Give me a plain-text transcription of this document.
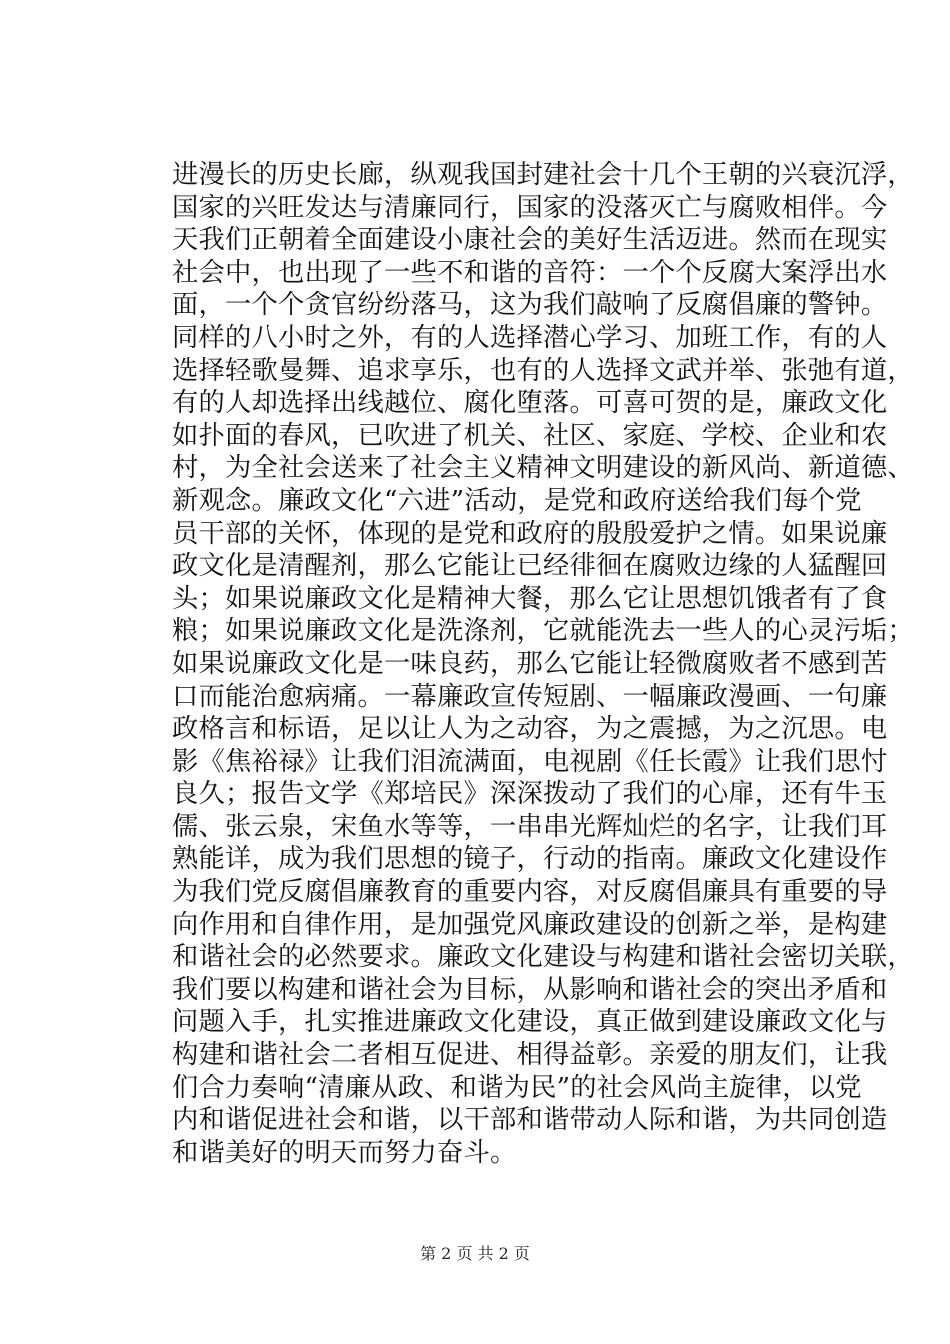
进漫长的历史长廊，纵观我国封建社会十几个王朝的兴衰沉浮，
国家的兴旺发达与清廉同行，国家的没落灭亡与腐败相伴。今
天我们正朝着全面建设小康社会的美好生活迈进。然而在现实
社会中，也出现了一些不和谐的音符：一个个反腐大案浮出水
面，一个个贪官纷纷落马，这为我们敲响了反腐倡廉的警钟。
同样的八小时之外，有的人选择潜心学习、加班工作，有的人
选择轻歌曼舞、追求享乐，也有的人选择文武并举、张弛有道，
有的人却选择出线越位、腐化堕落。可喜可贺的是，廉政文化
如扑面的春风，已吹进了机关、社区、家庭、学校、企业和农
村，为全社会送来了社会主义精神文明建设的新风尚、新道德、
新观念。廉政文化“六进”活动，是党和政府送给我们每个党
员干部的关怀，体现的是党和政府的殷殷爱护之情。如果说廉
政文化是清醒剂，那么它能让已经徘徊在腐败边缘的人猛醒回
头；如果说廉政文化是精神大餐，那么它让思想饥饿者有了食
粮；如果说廉政文化是洗涤剂，它就能洗去一些人的心灵污垢；
如果说廉政文化是一味良药，那么它能让轻微腐败者不感到苦
口而能治愈病痛。一幕廉政宣传短剧、一幅廉政漫画、一句廉
政格言和标语，足以让人为之动容，为之震撼，为之沉思。电
影《焦裕禄》让我们泪流满面，电视剧《任长霞》让我们思忖
良久；报告文学《郑培民》深深拨动了我们的心扉，还有牛玉
儒、张云泉，宋鱼水等等，一串串光辉灿烂的名字，让我们耳
熟能详，成为我们思想的镜子，行动的指南。廉政文化建设作
为我们党反腐倡廉教育的重要内容，对反腐倡廉具有重要的导
向作用和自律作用，是加强党风廉政建设的创新之举，是构建
和谐社会的必然要求。廉政文化建设与构建和谐社会密切关联，
我们要以构建和谐社会为目标，从影响和谐社会的突出矛盾和
问题入手，扎实推进廉政文化建设，真正做到建设廉政文化与
构建和谐社会二者相互促进、相得益彰。亲爱的朋友们，让我
们合力奏响“清廉从政、和谐为民”的社会风尚主旋律，以党
内和谐促进社会和谐，以干部和谐带动人际和谐，为共同创造
和谐美好的明天而努力奋斗。
第 2 页 共 2 页
